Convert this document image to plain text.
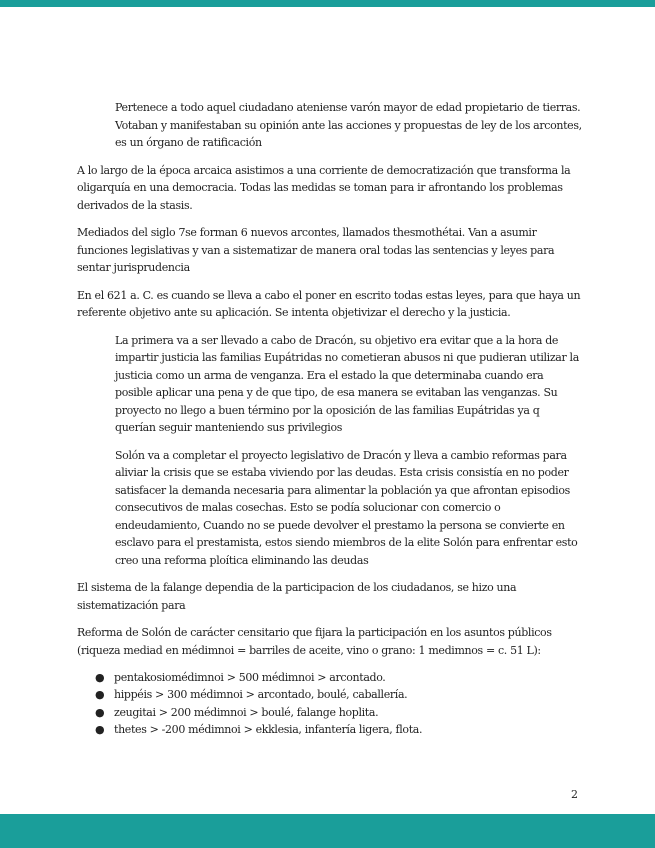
Pertenece a todo aquel ciudadano ateniense varón mayor de edad propietario de tierras. Votaban y manifestaban su opinión ante las acciones y propuestas de ley de los arcontes, es un órgano de ratificación

A lo largo de la época arcaica asistimos a una corriente de democratización que transforma la oligarquía en una democracia. Todas las medidas se toman para ir afrontando los problemas derivados de la stasis.

Mediados del siglo 7se forman 6 nuevos arcontes, llamados thesmothétai. Van a asumir funciones legislativas y van a sistematizar de manera oral todas las sentencias y leyes para sentar jurisprudencia

En el 621 a. C. es cuando se lleva a cabo el poner en escrito todas estas leyes, para que haya un referente objetivo ante su aplicación. Se intenta objetivizar el derecho y la justicia.

La primera va a ser llevado a cabo de Dracón, su objetivo era evitar que a la hora de impartir justicia las familias Eupátridas no cometieran abusos ni que pudieran utilizar la justicia como un arma de venganza. Era el estado la que determinaba cuando era posible aplicar una pena y de que tipo, de esa manera se evitaban las venganzas. Su proyecto no llego a buen término por la oposición de las familias Eupátridas ya q querían seguir manteniendo sus privilegios

Solón va a completar el proyecto legislativo de Dracón y lleva a cambio reformas para aliviar la crisis que se estaba viviendo por las deudas. Esta crisis consistía en no poder satisfacer la demanda necesaria para alimentar la población ya que afrontan episodios consecutivos de malas cosechas. Esto se podía solucionar con comercio o endeudamiento, Cuando no se puede devolver el prestamo la persona se convierte en esclavo para el prestamista, estos siendo miembros de la elite Solón para enfrentar esto creo una reforma ploítica eliminando las deudas

El sistema de la falange dependia de la participacion de los ciudadanos, se hizo una sistematización para

Reforma de Solón de carácter censitario que fijara la participación en los asuntos públicos (riqueza mediad en médimnoi = barriles de aceite, vino o grano: 1 medimnos = c. 51 L):

● pentakosiomédimnoi > 500 médimnoi > arcontado.
● hippéis > 300 médimnoi > arcontado, boulé, caballería.
● zeugitai > 200 médimnoi > boulé, falange hoplita.
● thetes > -200 médimnoi > ekklesia, infantería ligera, flota.
2
